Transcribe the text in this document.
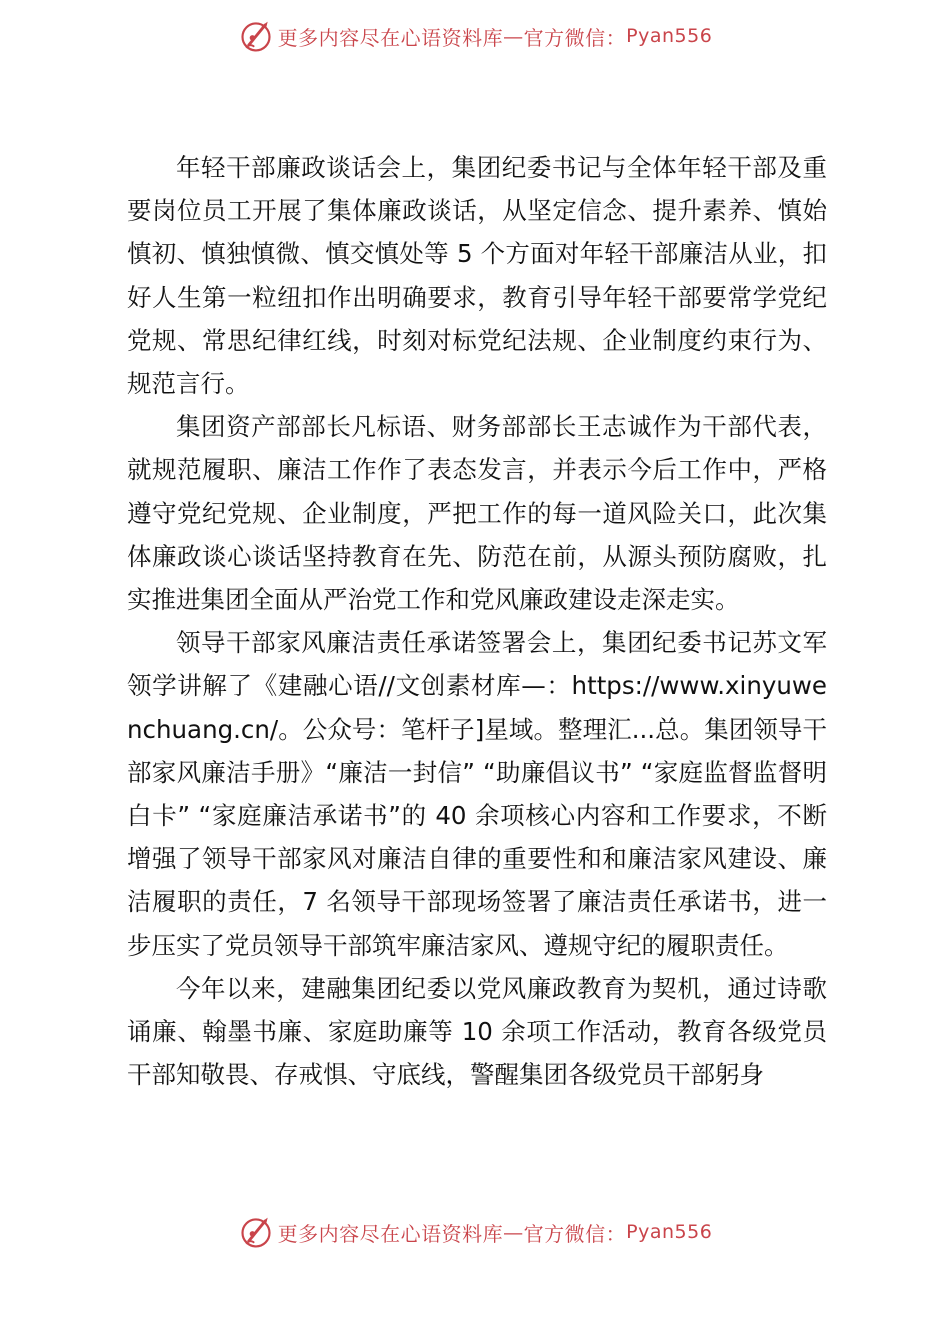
更多内容尽在心语资料库 — 官方微信： Pyan556

年轻干部廉政谈话会上，集团纪委书记与全体年轻干部及重要岗位员工开展了集体廉政谈话，从坚定信念、提升素养、慎始慎初、慎独慎微、慎交慎处等 5 个方面对年轻干部廉洁从业，扣好人生第一粒纽扣作出明确要求，教育引导年轻干部要常学党纪党规、常思纪律红线，时刻对标党纪法规、企业制度约束行为、规范言行。

集团资产部部长凡标语、财务部部长王志诚作为干部代表，就规范履职、廉洁工作作了表态发言，并表示今后工作中，严格遵守党纪党规、企业制度，严把工作的每一道风险关口，此次集体廉政谈心谈话坚持教育在先、防范在前，从源头预防腐败，扎实推进集团全面从严治党工作和党风廉政建设走深走实。

领导干部家风廉洁责任承诺签署会上，集团纪委书记苏文军领学讲解了《建融心语//文创素材库—：https://www.xinyuwenchuang.cn/。公众号：笔杆子]星域。整理汇...总。集团领导干部家风廉洁手册》“廉洁一封信” “助廉倡议书” “家庭监督监督明白卡” “家庭廉洁承诺书”的 40 余项核心内容和工作要求，不断增强了领导干部家风对廉洁自律的重要性和和廉洁家风建设、廉洁履职的责任，7 名领导干部现场签署了廉洁责任承诺书，进一步压实了党员领导干部筑牢廉洁家风、遵规守纪的履职责任。

今年以来，建融集团纪委以党风廉政教育为契机，通过诗歌诵廉、翰墨书廉、家庭助廉等 10 余项工作活动，教育各级党员干部知敬畏、存戒惧、守底线，警醒集团各级党员干部躬身

更多内容尽在心语资料库 — 官方微信： Pyan556
